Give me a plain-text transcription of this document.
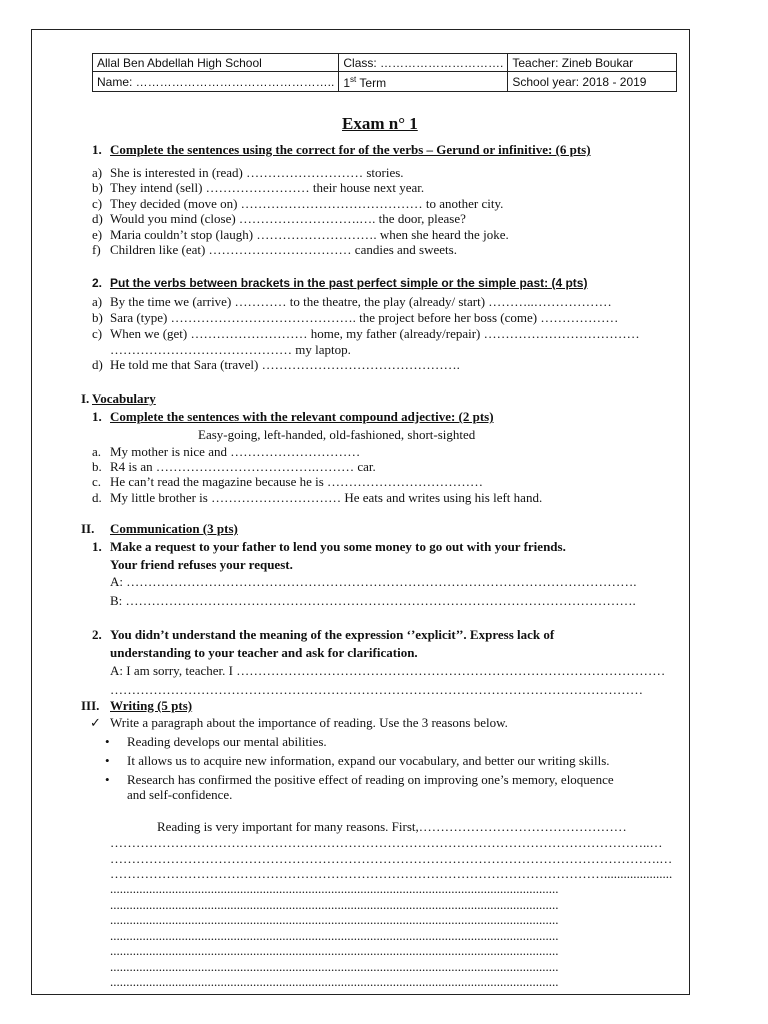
Allal Ben Abdellah High School	Class: ………………………….	Teacher: Zineb Boukar
Name: …………………………………………..	1st Term	School year: 2018 - 2019
Exam n° 1
1. Complete the sentences using the correct for of the verbs – Gerund or infinitive: (6 pts)
a) She is interested in (read) ……………………… stories.
b) They intend (sell) …………………… their house next year.
c) They decided (move on) …………………………………… to another city.
d) Would you mind (close) ……………………….…. the door, please?
e) Maria couldn’t stop (laugh) ………………………. when she heard the joke.
f) Children like (eat) …………………………… candies and sweets.
2. Put the verbs between brackets in the past perfect simple or the simple past: (4 pts)
a) By the time we (arrive) ………… to the theatre, the play (already/ start) ………..………………
b) Sara (type) ……………………………………. the project before her boss (come) ………………
c) When we (get) ……………………… home, my father (already/repair) ………………………………
…………………………………… my laptop.
d) He told me that Sara (travel) ……………………………………….
I. Vocabulary
1. Complete the sentences with the relevant compound adjective: (2 pts)
Easy-going, left-handed, old-fashioned, short-sighted
a. My mother is nice and …………………………
b. R4 is an ……………………………….……… car.
c. He can’t read the magazine because he is ………………………………
d. My little brother is ………………………… He eats and writes using his left hand.
II. Communication (3 pts)
1. Make a request to your father to lend you some money to go out with your friends.
Your friend refuses your request.
A: ……………………………………………………………………………………………………….
B: ……………………………………………………………………………………………………….
2. You didn’t understand the meaning of the expression ‘’explicit’’. Express lack of
understanding to your teacher and ask for clarification.
A: I am sorry, teacher. I ………………………………………………………………………………………
……………………………………………………………………………………………………………
III. Writing (5 pts)
✓ Write a paragraph about the importance of reading. Use the 3 reasons below.
• Reading develops our mental abilities.
• It allows us to acquire new information, expand our vocabulary, and better our writing skills.
• Research has confirmed the positive effect of reading on improving one’s memory, eloquence
and self-confidence.
Reading is very important for many reasons. First,…………………………………………
……………………………………………………………………………………………………………..…
……………………………………………………………………………………………………………….…
…………………………………………………………………………………………………….....................
..........................................................................................................................................
..........................................................................................................................................
..........................................................................................................................................
..........................................................................................................................................
..........................................................................................................................................
..........................................................................................................................................
..........................................................................................................................................
